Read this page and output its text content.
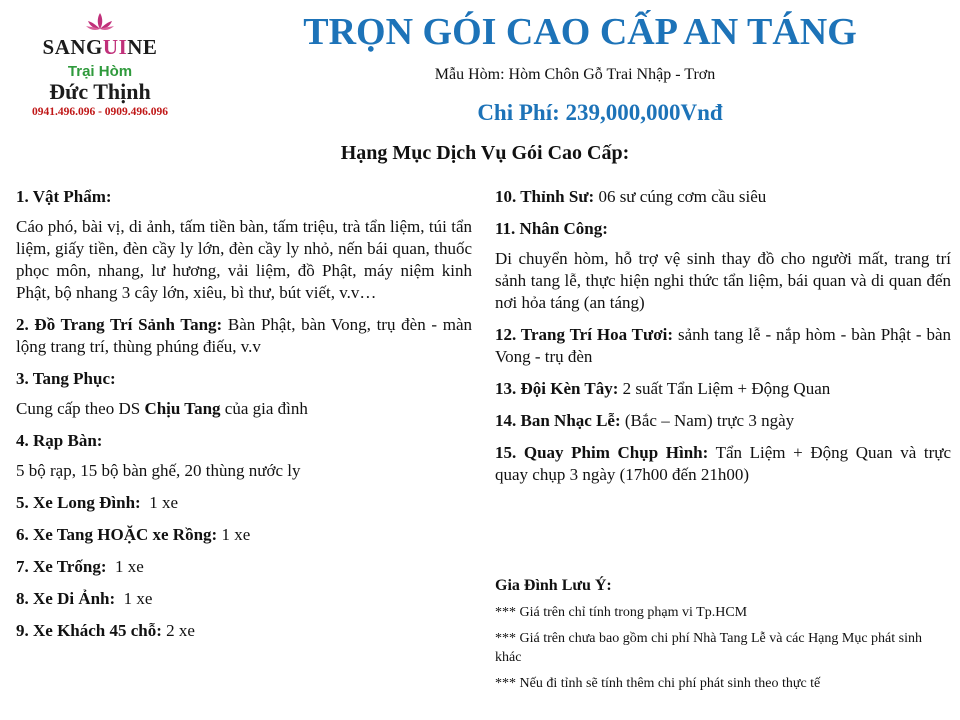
SANGUINE
Trại Hòm
Đức Thịnh
0941.496.096 - 0909.496.096
TRỌN GÓI CAO CẤP AN TÁNG
Mẫu Hòm: Hòm Chôn Gỗ Trai Nhập - Trơn
Chi Phí: 239,000,000Vnđ
Hạng Mục Dịch Vụ Gói Cao Cấp:
1. Vật Phẩm:
Cáo phó, bài vị, di ảnh, tấm tiền bàn, tấm triệu, trà tẩn liệm, túi tẩn liệm, giấy tiền, đèn cầy ly lớn, đèn cầy ly nhỏ, nến bái quan, thuốc phọc môn, nhang, lư hương, vải liệm, đồ Phật, máy niệm kinh Phật, bộ nhang 3 cây lớn, xiêu, bì thư, bút viết, v.v…
2. Đồ Trang Trí Sảnh Tang: Bàn Phật, bàn Vong, trụ đèn - màn lộng trang trí, thùng phúng điếu, v.v
3. Tang Phục:
Cung cấp theo DS Chịu Tang của gia đình
4. Rạp Bàn:
5 bộ rạp, 15 bộ bàn ghế, 20 thùng nước ly
5. Xe Long Đình:  1 xe
6. Xe Tang HOẶC xe Rồng: 1 xe
7. Xe Trống:  1 xe
8. Xe Di Ảnh:  1 xe
9. Xe Khách 45 chỗ: 2 xe
10. Thỉnh Sư: 06 sư cúng cơm cầu siêu
11. Nhân Công:
Di chuyển hòm, hỗ trợ vệ sinh thay đồ cho người mất, trang trí sảnh tang lễ, thực hiện nghi thức tẩn liệm, bái quan và di quan đến nơi hỏa táng (an táng)
12. Trang Trí Hoa Tươi: sảnh tang lễ - nắp hòm - bàn Phật - bàn Vong - trụ đèn
13. Đội Kèn Tây: 2 suất Tẩn Liệm + Động Quan
14. Ban Nhạc Lễ: (Bắc – Nam) trực 3 ngày
15. Quay Phim Chụp Hình: Tẩn Liệm + Động Quan và trực quay chụp 3 ngày (17h00 đến 21h00)
Gia Đình Lưu Ý:
*** Giá trên chỉ tính trong phạm vi Tp.HCM
*** Giá trên chưa bao gồm chi phí Nhà Tang Lễ và các Hạng Mục phát sinh khác
*** Nếu đi tỉnh sẽ tính thêm chi phí phát sinh theo thực tế
